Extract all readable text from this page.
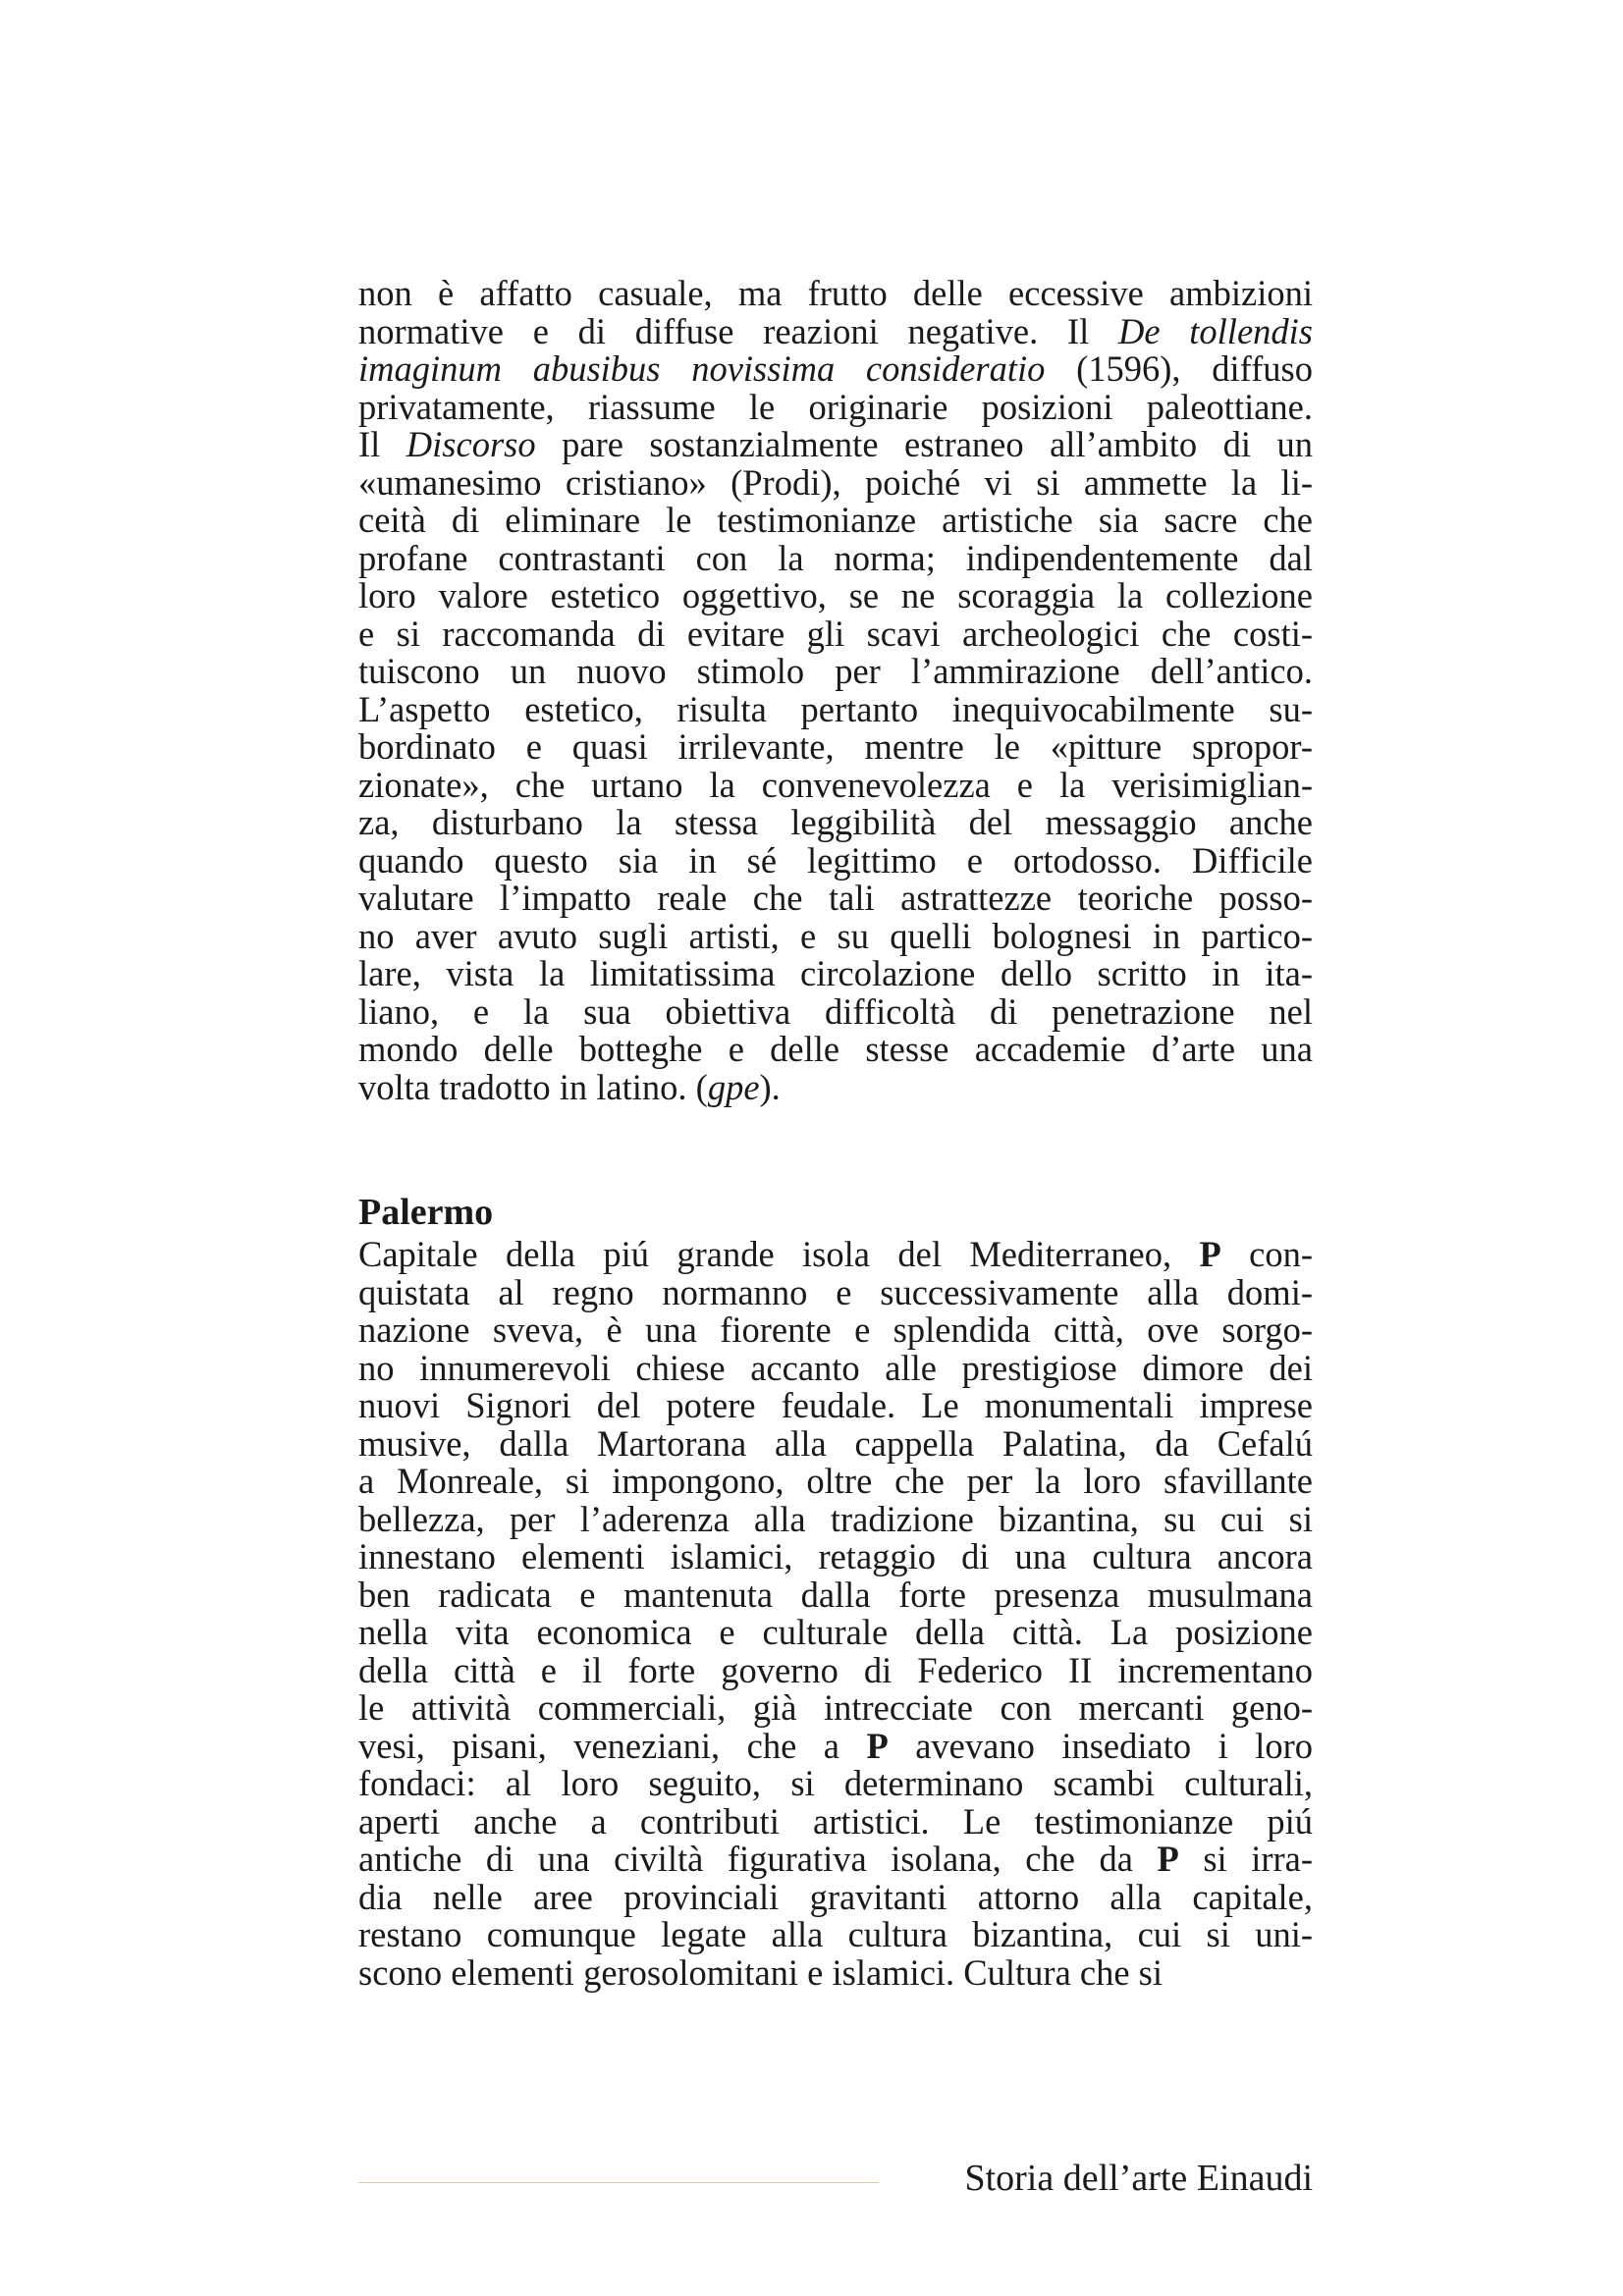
non è affatto casuale, ma frutto delle eccessive ambizioni
normative e di diffuse reazioni negative. Il De tollendis
imaginum abusibus novissima consideratio (1596), diffuso
privatamente, riassume le originarie posizioni paleottiane.
Il Discorso pare sostanzialmente estraneo all’ambito di un
«umanesimo cristiano» (Prodi), poiché vi si ammette la li-
ceità di eliminare le testimonianze artistiche sia sacre che
profane contrastanti con la norma; indipendentemente dal
loro valore estetico oggettivo, se ne scoraggia la collezione
e si raccomanda di evitare gli scavi archeologici che costi-
tuiscono un nuovo stimolo per l’ammirazione dell’antico.
L’aspetto estetico, risulta pertanto inequivocabilmente su-
bordinato e quasi irrilevante, mentre le «pitture spropor-
zionate», che urtano la convenevolezza e la verisimiglian-
za, disturbano la stessa leggibilità del messaggio anche
quando questo sia in sé legittimo e ortodosso. Difficile
valutare l’impatto reale che tali astrattezze teoriche posso-
no aver avuto sugli artisti, e su quelli bolognesi in partico-
lare, vista la limitatissima circolazione dello scritto in ita-
liano, e la sua obiettiva difficoltà di penetrazione nel
mondo delle botteghe e delle stesse accademie d’arte una
volta tradotto in latino. (gpe).
Palermo
Capitale della piú grande isola del Mediterraneo, P con-
quistata al regno normanno e successivamente alla domi-
nazione sveva, è una fiorente e splendida città, ove sorgo-
no innumerevoli chiese accanto alle prestigiose dimore dei
nuovi Signori del potere feudale. Le monumentali imprese
musive, dalla Martorana alla cappella Palatina, da Cefalú
a Monreale, si impongono, oltre che per la loro sfavillante
bellezza, per l’aderenza alla tradizione bizantina, su cui si
innestano elementi islamici, retaggio di una cultura ancora
ben radicata e mantenuta dalla forte presenza musulmana
nella vita economica e culturale della città. La posizione
della città e il forte governo di Federico II incrementano
le attività commerciali, già intrecciate con mercanti geno-
vesi, pisani, veneziani, che a P avevano insediato i loro
fondaci: al loro seguito, si determinano scambi culturali,
aperti anche a contributi artistici. Le testimonianze piú
antiche di una civiltà figurativa isolana, che da P si irra-
dia nelle aree provinciali gravitanti attorno alla capitale,
restano comunque legate alla cultura bizantina, cui si uni-
scono elementi gerosolomitani e islamici. Cultura che si
Storia dell’arte Einaudi
